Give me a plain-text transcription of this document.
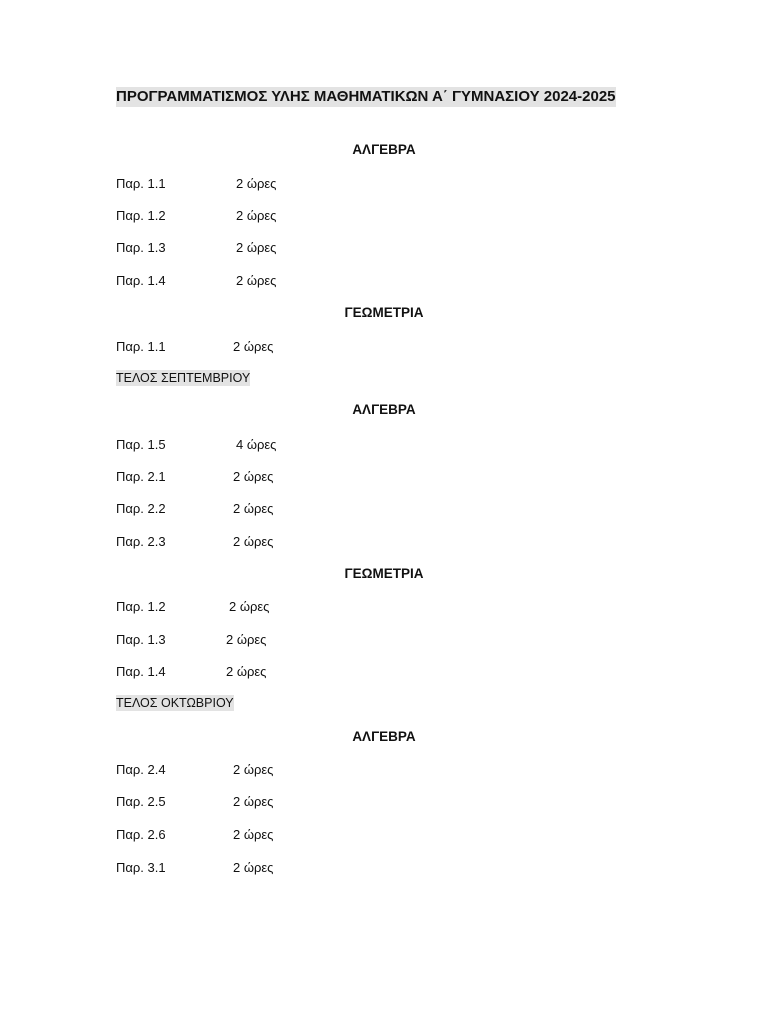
ΠΡΟΓΡΑΜΜΑΤΙΣΜΟΣ ΥΛΗΣ ΜΑΘΗΜΑΤΙΚΩΝ Α΄ ΓΥΜΝΑΣΙΟΥ 2024-2025
ΑΛΓΕΒΡΑ
Παρ. 1.1	2 ώρες
Παρ. 1.2	2 ώρες
Παρ. 1.3	2 ώρες
Παρ. 1.4	2 ώρες
ΓΕΩΜΕΤΡΙΑ
Παρ. 1.1	2 ώρες
ΤΕΛΟΣ ΣΕΠΤΕΜΒΡΙΟΥ
ΑΛΓΕΒΡΑ
Παρ. 1.5	4 ώρες
Παρ. 2.1	2 ώρες
Παρ. 2.2	2 ώρες
Παρ. 2.3	2 ώρες
ΓΕΩΜΕΤΡΙΑ
Παρ. 1.2	2 ώρες
Παρ. 1.3	2 ώρες
Παρ. 1.4	2 ώρες
ΤΕΛΟΣ ΟΚΤΩΒΡΙΟΥ
ΑΛΓΕΒΡΑ
Παρ. 2.4	2 ώρες
Παρ. 2.5	2 ώρες
Παρ. 2.6	2 ώρες
Παρ. 3.1	2 ώρες
